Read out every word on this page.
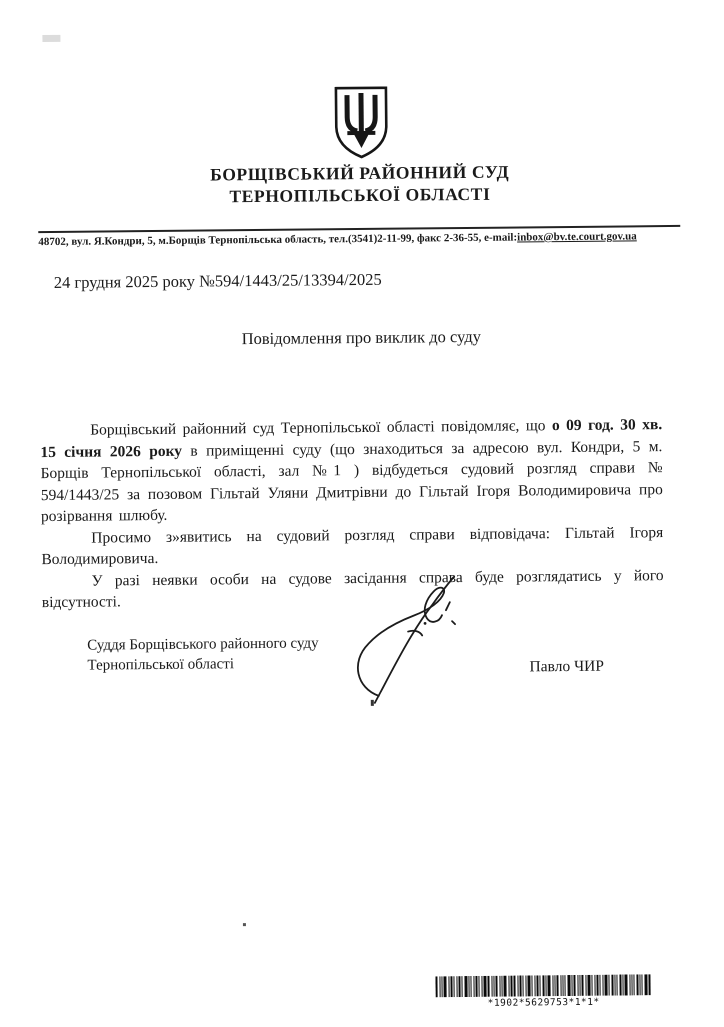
БОРЩІВСЬКИЙ РАЙОННИЙ СУД
ТЕРНОПІЛЬСЬКОЇ ОБЛАСТІ
48702, вул. Я.Кондри, 5, м.Борщів Тернопільська область, тел.(3541)2-11-99, факс 2-36-55, e-mail:inbox@bv.te.court.gov.ua
24 грудня 2025 року №594/1443/25/13394/2025
Повідомлення про виклик до суду

Борщівський районний суд Тернопільської області повідомляє, що о 09 год. 30 хв. 15 січня 2026 року в приміщенні суду (що знаходиться за адресою вул. Кондри, 5 м. Борщів Тернопільської області, зал №1 ) відбудеться судовий розгляд справи № 594/1443/25 за позовом Гільтай Уляни Дмитрівни до Гільтай Ігоря Володимировича про розірвання шлюбу.

Просимо з»явитись на судовий розгляд справи відповідача: Гільтай Ігоря Володимировича.

У разі неявки особи на судове засідання справа буде розглядатись у його відсутності.

Суддя Борщівського районного суду
Тернопільської області	Павло ЧИР
*1902*5629753*1*1*
